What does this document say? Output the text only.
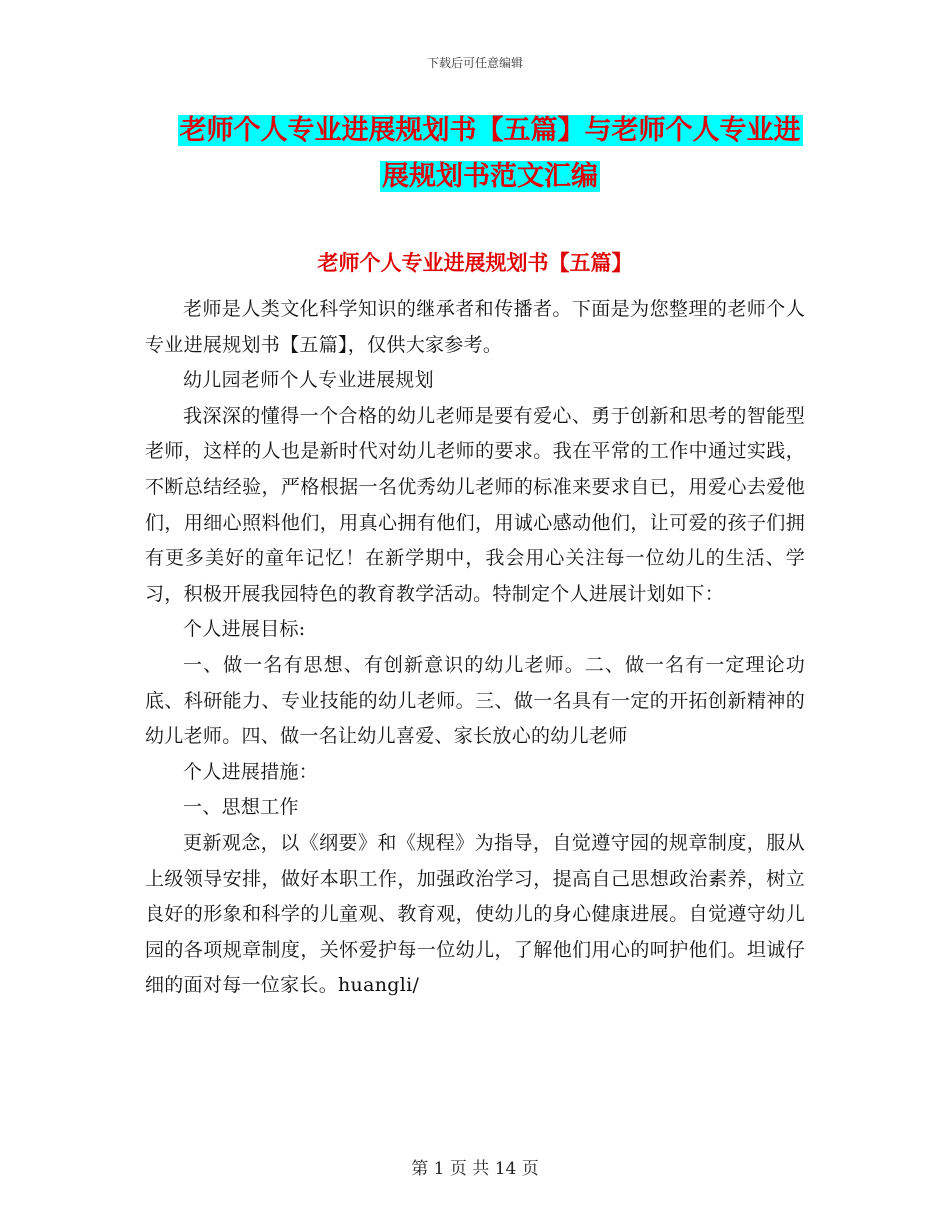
下载后可任意编辑
老师个人专业进展规划书【五篇】与老师个人专业进
展规划书范文汇编
老师个人专业进展规划书【五篇】

老师是人类文化科学知识的继承者和传播者。下面是为您整理的老师个人专业进展规划书【五篇】，仅供大家参考。

幼儿园老师个人专业进展规划

我深深的懂得一个合格的幼儿老师是要有爱心、勇于创新和思考的智能型老师，这样的人也是新时代对幼儿老师的要求。我在平常的工作中通过实践，不断总结经验，严格根据一名优秀幼儿老师的标准来要求自已，用爱心去爱他们，用细心照料他们，用真心拥有他们，用诚心感动他们，让可爱的孩子们拥有更多美好的童年记忆！在新学期中，我会用心关注每一位幼儿的生活、学习，积极开展我园特色的教育教学活动。特制定个人进展计划如下：

个人进展目标:

一、做一名有思想、有创新意识的幼儿老师。二、做一名有一定理论功底、科研能力、专业技能的幼儿老师。三、做一名具有一定的开拓创新精神的幼儿老师。四、做一名让幼儿喜爱、家长放心的幼儿老师

个人进展措施：

一、思想工作

更新观念，以《纲要》和《规程》为指导，自觉遵守园的规章制度，服从上级领导安排，做好本职工作，加强政治学习，提高自己思想政治素养，树立良好的形象和科学的儿童观、教育观，使幼儿的身心健康进展。自觉遵守幼儿园的各项规章制度，关怀爱护每一位幼儿，了解他们用心的呵护他们。坦诚仔细的面对每一位家长。huangli/

第 1 页 共 14 页
